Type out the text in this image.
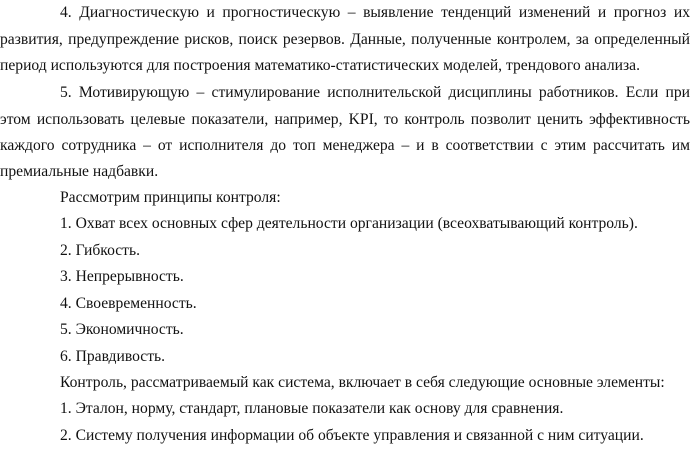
4. Диагностическую и прогностическую – выявление тенденций изменений и прогноз их
развития, предупреждение рисков, поиск резервов. Данные, полученные контролем, за определенный
период используются для построения математико-статистических моделей, трендового анализа.
5. Мотивирующую – стимулирование исполнительской дисциплины работников. Если при
этом использовать целевые показатели, например, KPI, то контроль позволит ценить эффективность
каждого сотрудника – от исполнителя до топ менеджера – и в соответствии с этим рассчитать им
премиальные надбавки.
Рассмотрим принципы контроля:
1. Охват всех основных сфер деятельности организации (всеохватывающий контроль).
2. Гибкость.
3. Непрерывность.
4. Своевременность.
5. Экономичность.
6. Правдивость.
Контроль, рассматриваемый как система, включает в себя следующие основные элементы:
1. Эталон, норму, стандарт, плановые показатели как основу для сравнения.
2. Систему получения информации об объекте управления и связанной с ним ситуации.
